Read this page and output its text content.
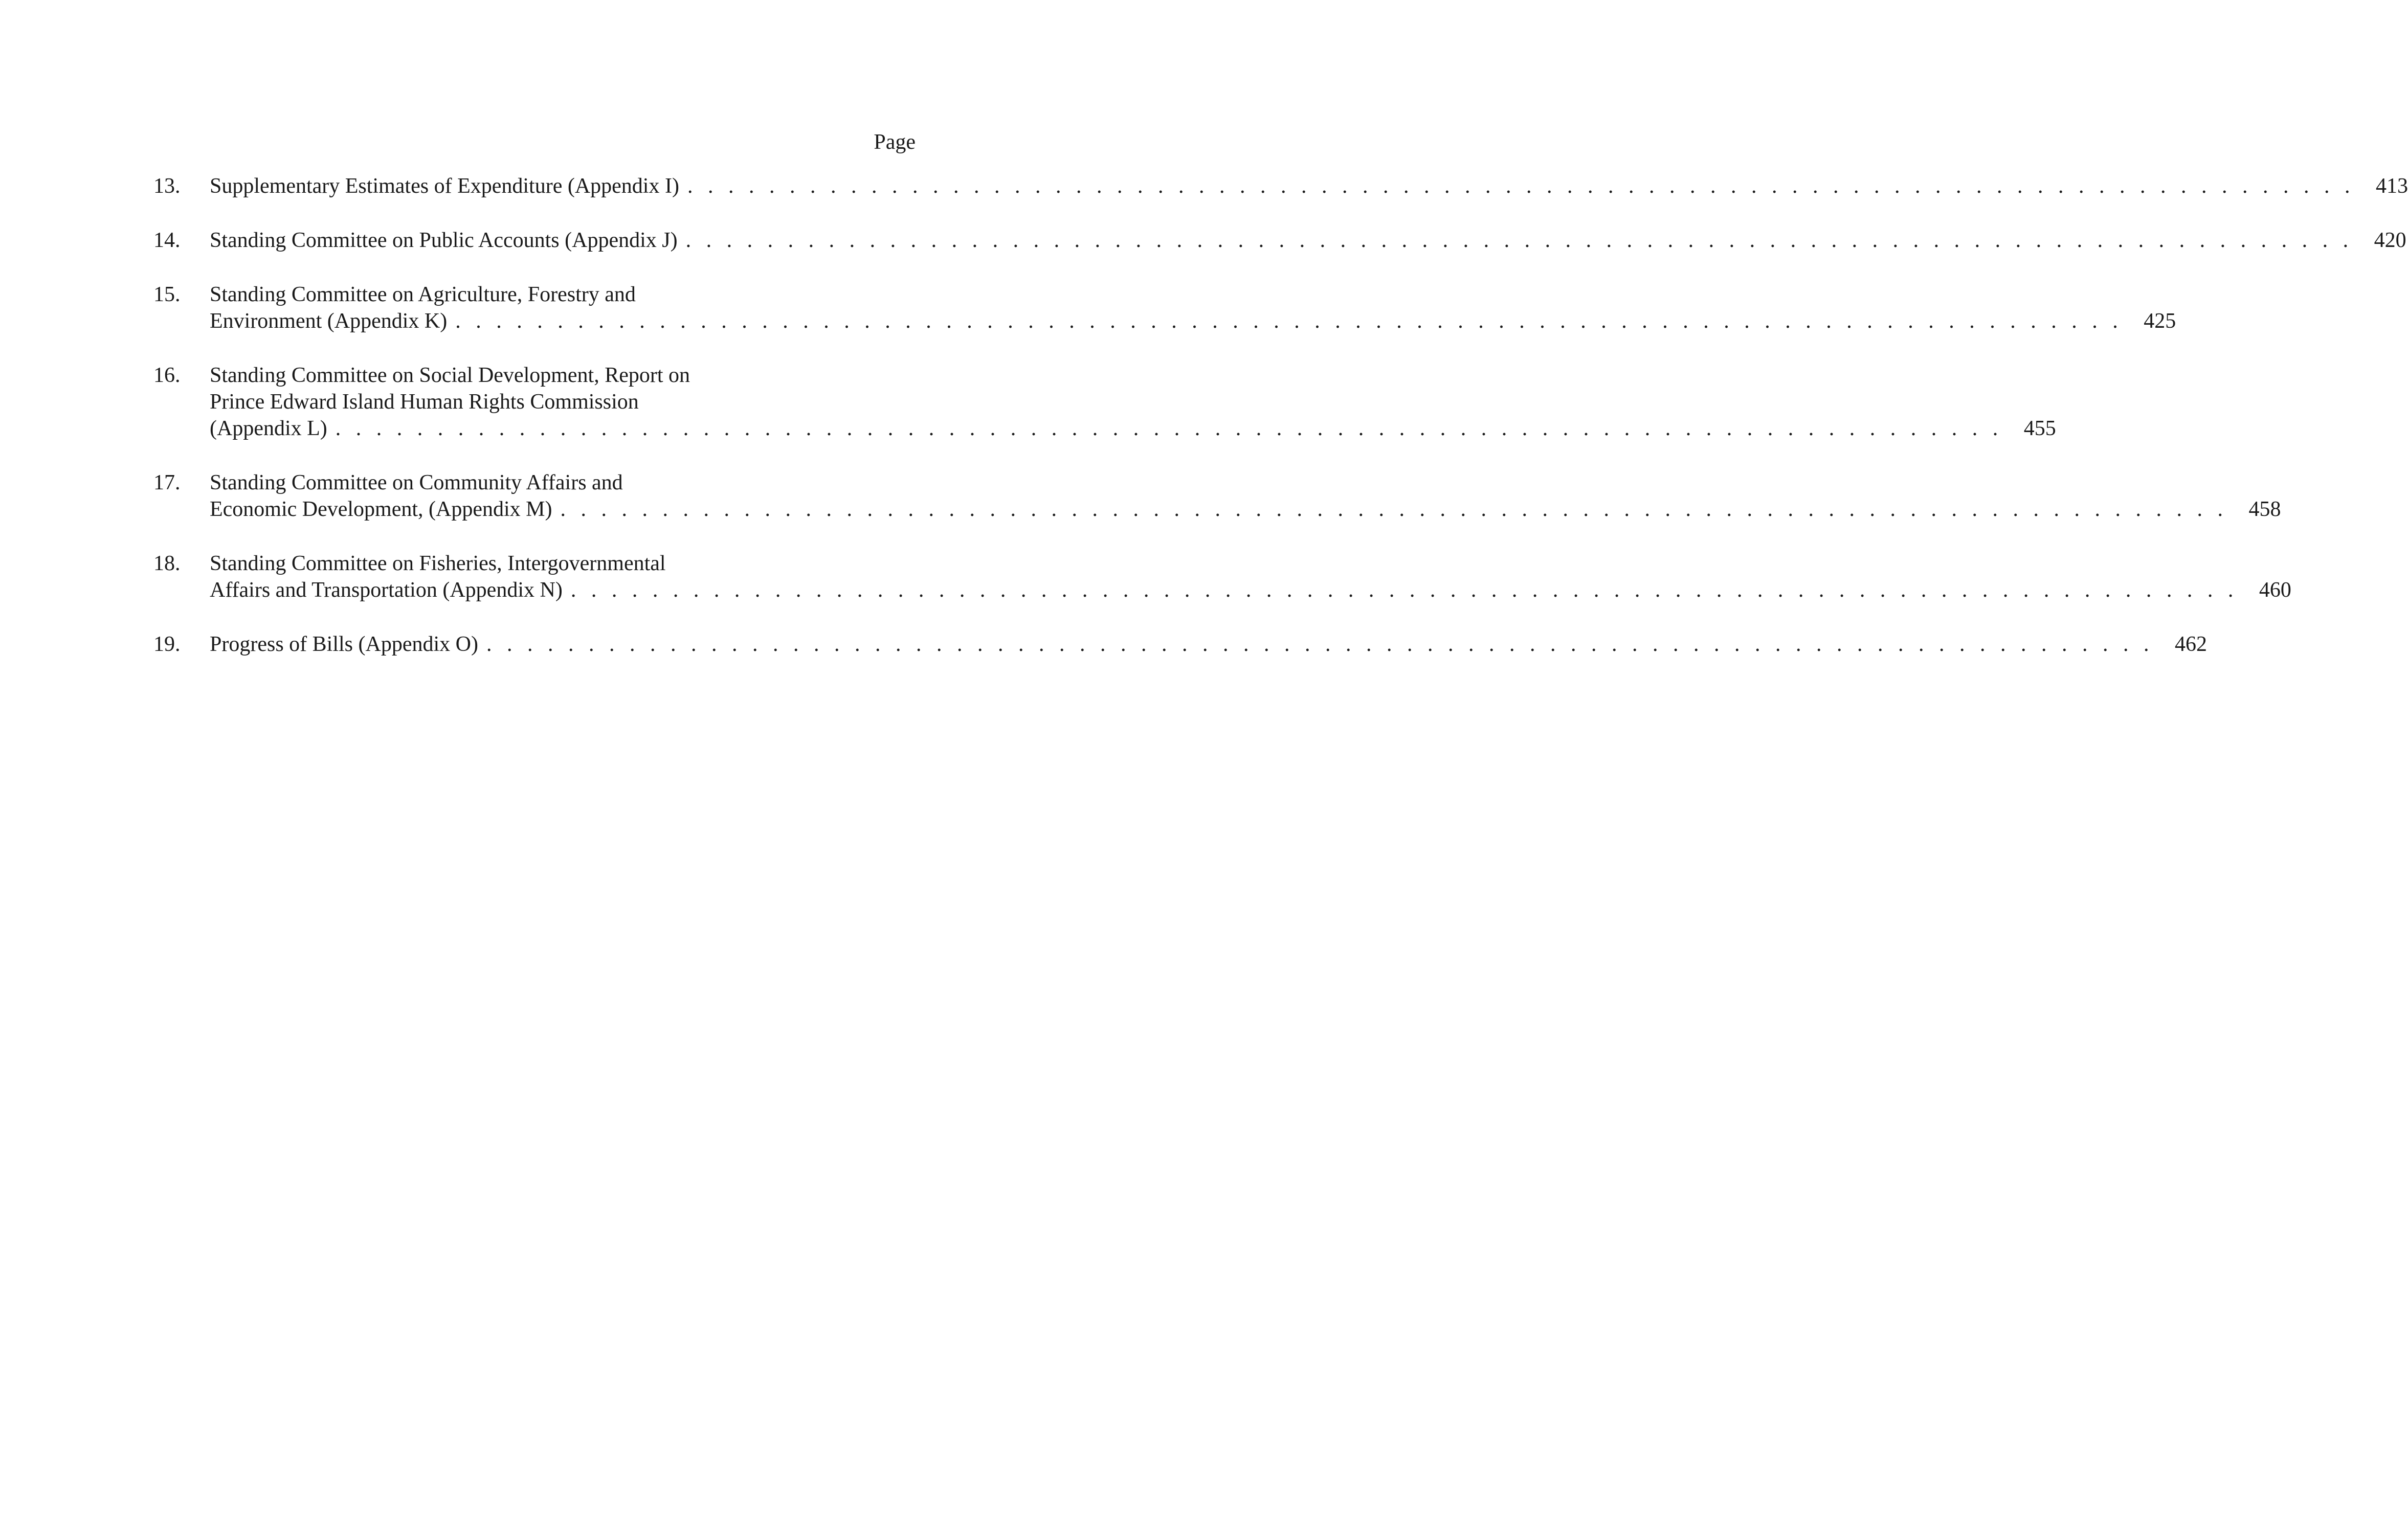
Page
13.	Supplementary Estimates of Expenditure (Appendix I) . . . . . . . . . . . . . . . . . . . . . . . . . . . . . . . . . . . . . . . . . . . . . . . . . . . . . . . . . . . . . . . . . . . . . . . . . . . . . . . . . . 413
14.	Standing Committee on Public Accounts (Appendix J) . . . . . . . . . . . . . . . . . . . . . . . . . . . . . . . . . . . . . . . . . . . . . . . . . . . . . . . . . . . . . . . . . . . . . . . . . . . . . . . . . . 420
15.	Standing Committee on Agriculture, Forestry and
Environment (Appendix K) . . . . . . . . . . . . . . . . . . . . . . . . . . . . . . . . . . . . . . . . . . . . . . . . . . . . . . . . . . . . . . . . . . . . . . . . . . . . . . . . . . 425
16.	Standing Committee on Social Development, Report on
Prince Edward Island Human Rights Commission
(Appendix L) . . . . . . . . . . . . . . . . . . . . . . . . . . . . . . . . . . . . . . . . . . . . . . . . . . . . . . . . . . . . . . . . . . . . . . . . . . . . . . . . . . 455
17.	Standing Committee on Community Affairs and
Economic Development, (Appendix M) . . . . . . . . . . . . . . . . . . . . . . . . . . . . . . . . . . . . . . . . . . . . . . . . . . . . . . . . . . . . . . . . . . . . . . . . . . . . . . . . . . 458
18.	Standing Committee on Fisheries, Intergovernmental
Affairs and Transportation (Appendix N) . . . . . . . . . . . . . . . . . . . . . . . . . . . . . . . . . . . . . . . . . . . . . . . . . . . . . . . . . . . . . . . . . . . . . . . . . . . . . . . . . . 460
19.	Progress of Bills (Appendix O) . . . . . . . . . . . . . . . . . . . . . . . . . . . . . . . . . . . . . . . . . . . . . . . . . . . . . . . . . . . . . . . . . . . . . . . . . . . . . . . . . . 462
